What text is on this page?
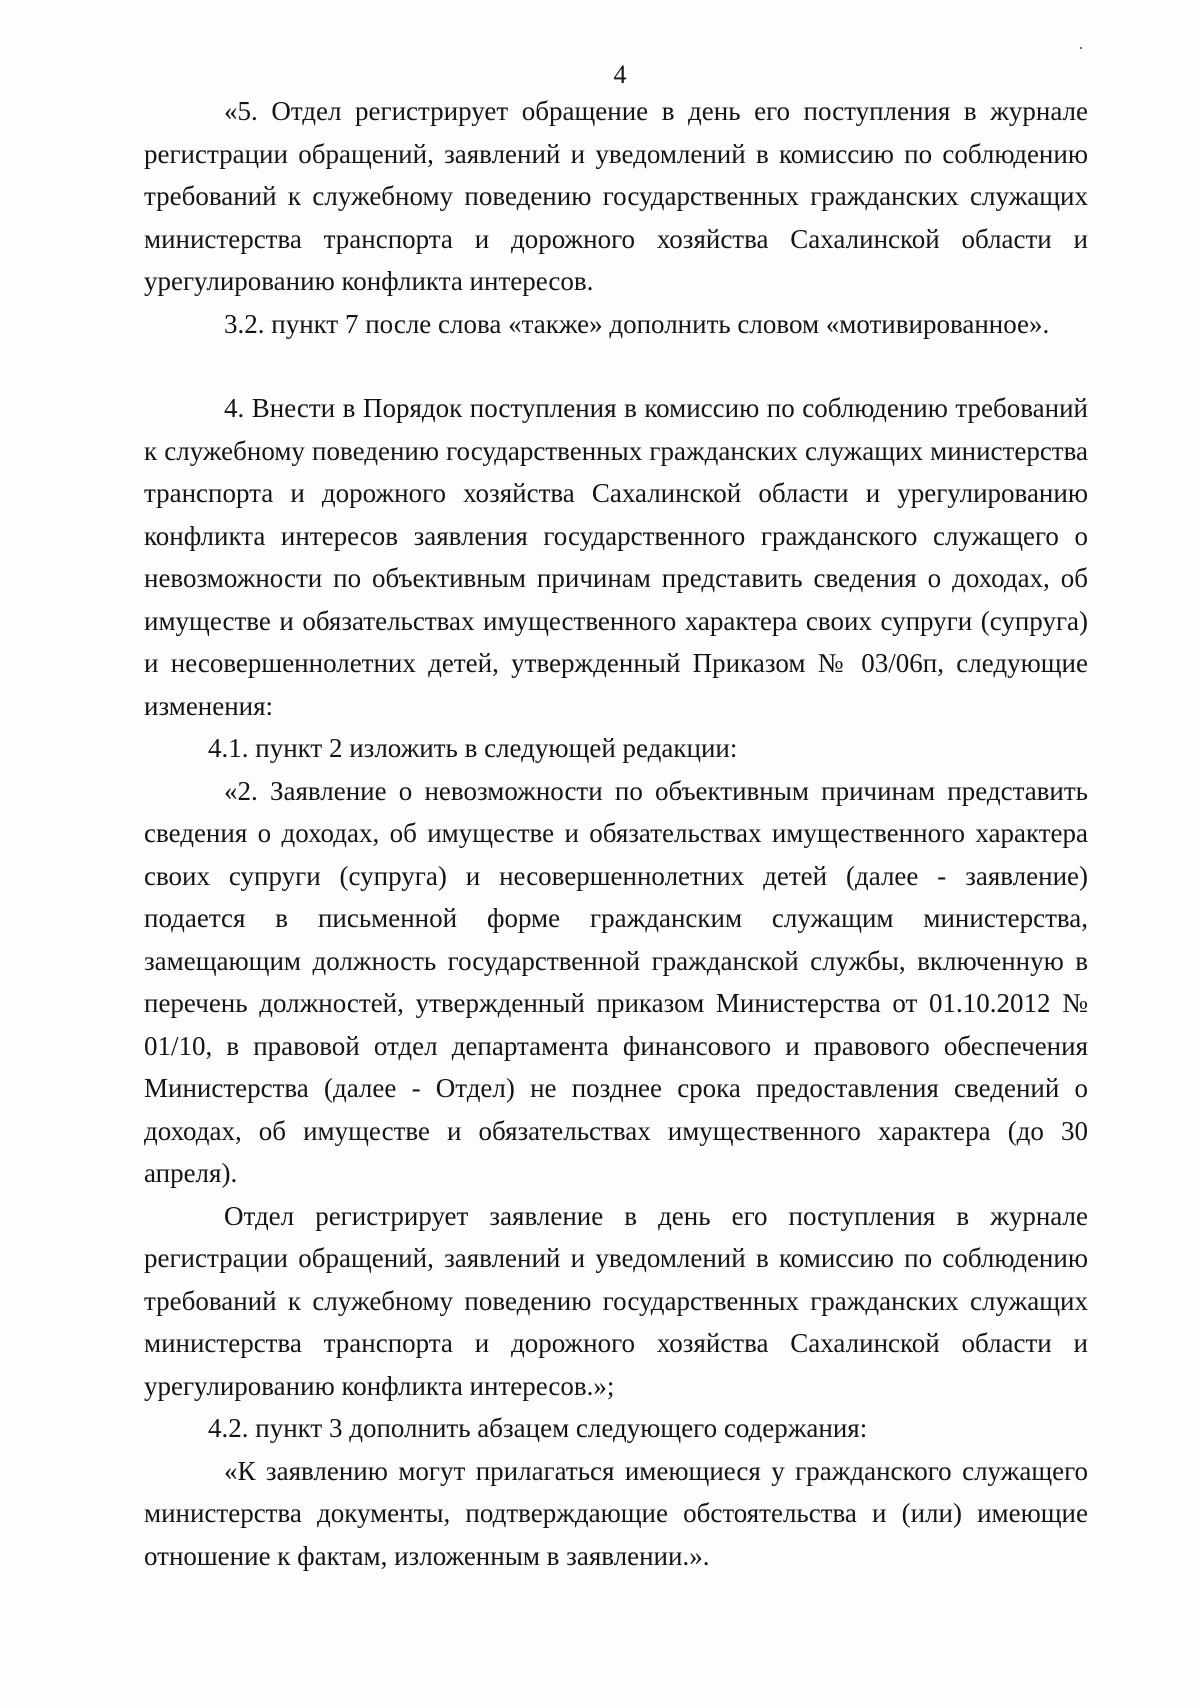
4
·

«5. Отдел регистрирует обращение в день его поступления в журнале регистрации обращений, заявлений и уведомлений в комиссию по соблюдению требований к служебному поведению государственных гражданских служащих министерства транспорта и дорожного хозяйства Сахалинской области и урегулированию конфликта интересов.

3.2. пункт 7 после слова «также» дополнить словом «мотивированное».

4. Внести в Порядок поступления в комиссию по соблюдению требований к служебному поведению государственных гражданских служащих министерства транспорта и дорожного хозяйства Сахалинской области и урегулированию конфликта интересов заявления государственного гражданского служащего о невозможности по объективным причинам представить сведения о доходах, об имуществе и обязательствах имущественного характера своих супруги (супруга) и несовершеннолетних детей, утвержденный Приказом № 03/06п, следующие изменения:

4.1. пункт 2 изложить в следующей редакции:

«2. Заявление о невозможности по объективным причинам представить сведения о доходах, об имуществе и обязательствах имущественного характера своих супруги (супруга) и несовершеннолетних детей (далее - заявление) подается в письменной форме гражданским служащим министерства, замещающим должность государственной гражданской службы, включенную в перечень должностей, утвержденный приказом Министерства от 01.10.2012 № 01/10, в правовой отдел департамента финансового и правового обеспечения Министерства (далее - Отдел) не позднее срока предоставления сведений о доходах, об имуществе и обязательствах имущественного характера (до 30 апреля).

Отдел регистрирует заявление в день его поступления в журнале регистрации обращений, заявлений и уведомлений в комиссию по соблюдению требований к служебному поведению государственных гражданских служащих министерства транспорта и дорожного хозяйства Сахалинской области и урегулированию конфликта интересов.»;

4.2. пункт 3 дополнить абзацем следующего содержания:

«К заявлению могут прилагаться имеющиеся у гражданского служащего министерства документы, подтверждающие обстоятельства и (или) имеющие отношение к фактам, изложенным в заявлении.».
